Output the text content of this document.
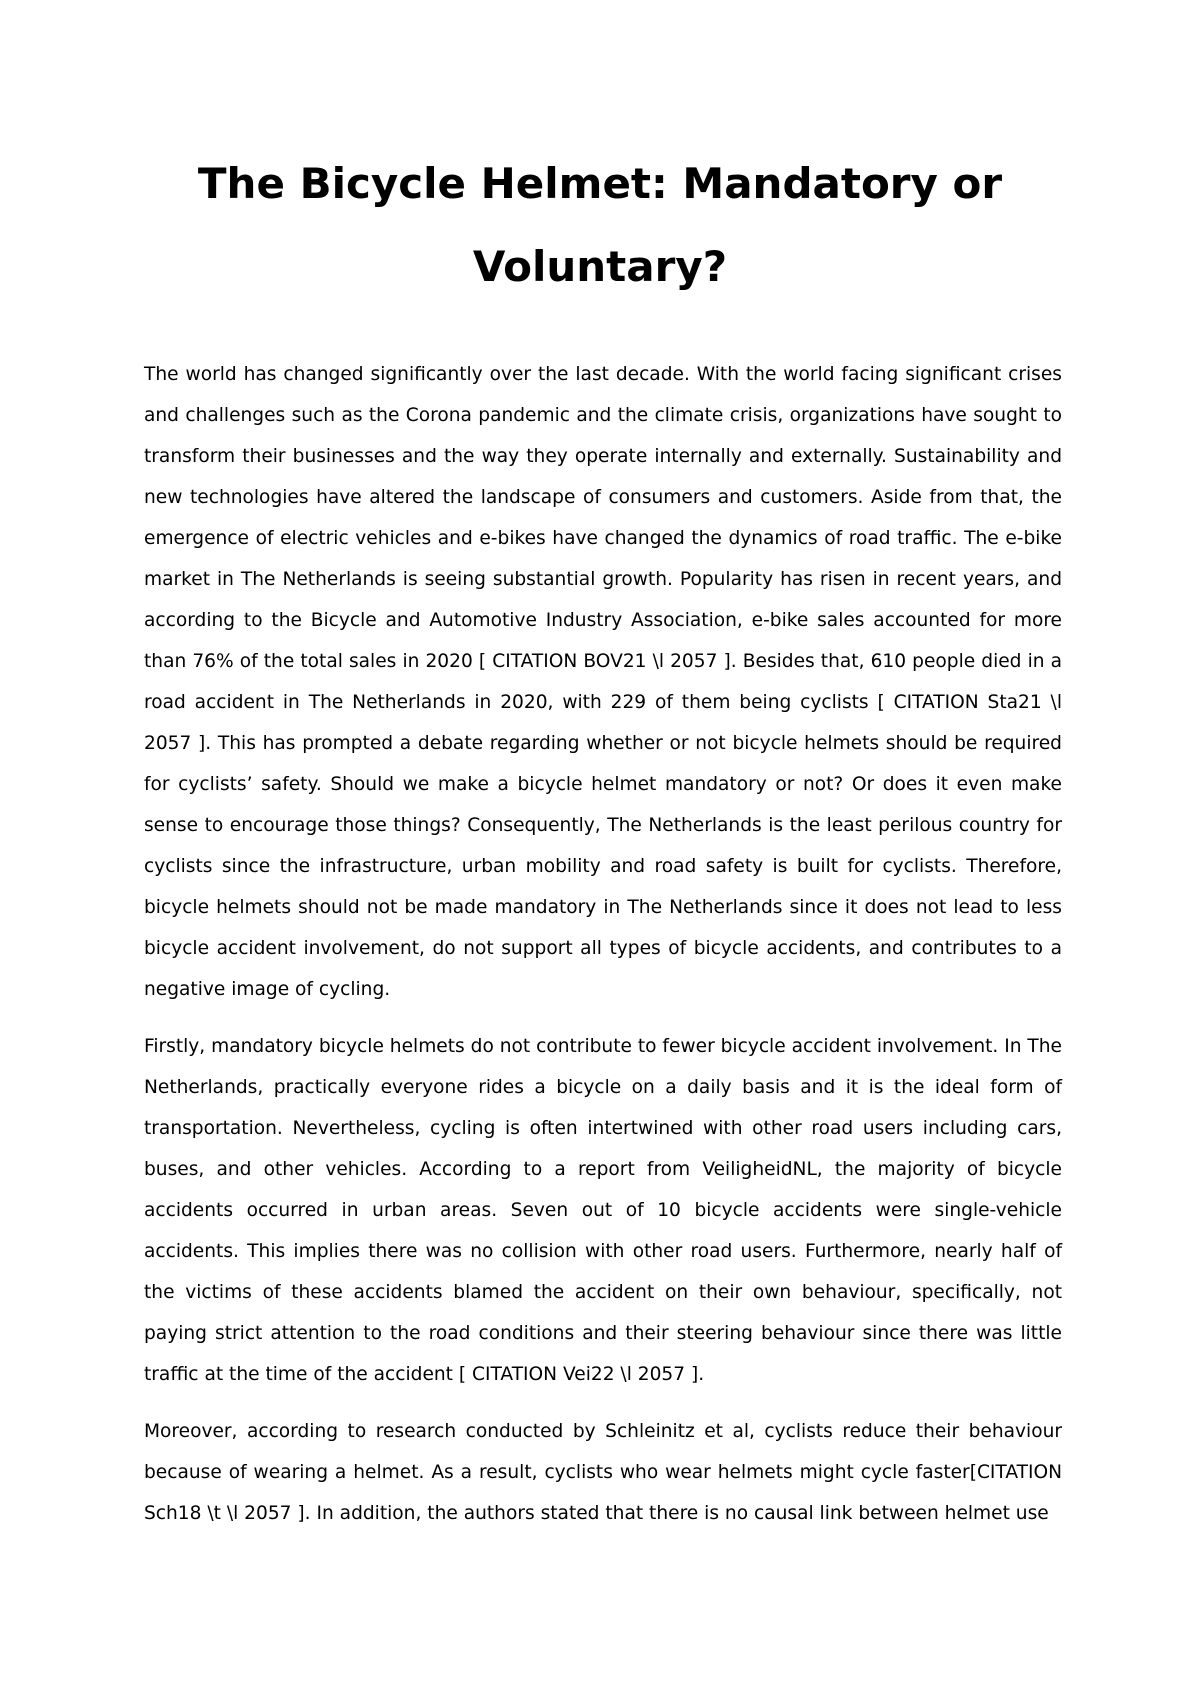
The Bicycle Helmet: Mandatory or Voluntary?

The world has changed significantly over the last decade. With the world facing significant crises and challenges such as the Corona pandemic and the climate crisis, organizations have sought to transform their businesses and the way they operate internally and externally. Sustainability and new technologies have altered the landscape of consumers and customers. Aside from that, the emergence of electric vehicles and e-bikes have changed the dynamics of road traffic. The e-bike market in The Netherlands is seeing substantial growth. Popularity has risen in recent years, and according to the Bicycle and Automotive Industry Association, e-bike sales accounted for more than 76% of the total sales in 2020 [ CITATION BOV21 \l 2057 ]. Besides that, 610 people died in a road accident in The Netherlands in 2020, with 229 of them being cyclists [ CITATION Sta21 \l 2057 ]. This has prompted a debate regarding whether or not bicycle helmets should be required for cyclists’ safety. Should we make a bicycle helmet mandatory or not? Or does it even make sense to encourage those things? Consequently, The Netherlands is the least perilous country for cyclists since the infrastructure, urban mobility and road safety is built for cyclists. Therefore, bicycle helmets should not be made mandatory in The Netherlands since it does not lead to less bicycle accident involvement, do not support all types of bicycle accidents, and contributes to a negative image of cycling.

Firstly, mandatory bicycle helmets do not contribute to fewer bicycle accident involvement. In The Netherlands, practically everyone rides a bicycle on a daily basis and it is the ideal form of transportation. Nevertheless, cycling is often intertwined with other road users including cars, buses, and other vehicles. According to a report from VeiligheidNL, the majority of bicycle accidents occurred in urban areas. Seven out of 10 bicycle accidents were single-vehicle accidents. This implies there was no collision with other road users. Furthermore, nearly half of the victims of these accidents blamed the accident on their own behaviour, specifically, not paying strict attention to the road conditions and their steering behaviour since there was little traffic at the time of the accident [ CITATION Vei22 \l 2057 ].

Moreover, according to research conducted by Schleinitz et al, cyclists reduce their behaviour because of wearing a helmet. As a result, cyclists who wear helmets might cycle faster[CITATION Sch18 \t \l 2057 ]. In addition, the authors stated that there is no causal link between helmet use
